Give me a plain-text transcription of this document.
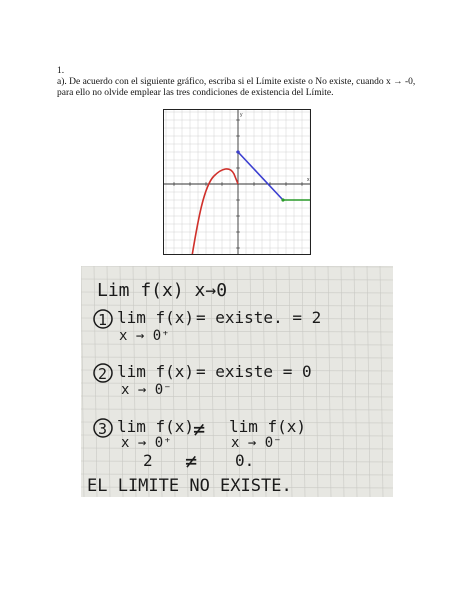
1.
a). De acuerdo con el siguiente gráfico, escriba si el Límite existe o No existe, cuando x → -0,
para ello no olvide emplear las tres condiciones de existencia del Límite.
x
y
Lim f(x) x→0
1 lim f(x)
x → 0⁺
= existe. = 2
2 lim f(x)
x → 0⁻
= existe = 0
3 lim f(x)
x → 0⁺
≠ lim f(x)
x → 0⁻
2 ≠ 0.
EL LIMITE NO EXISTE.
